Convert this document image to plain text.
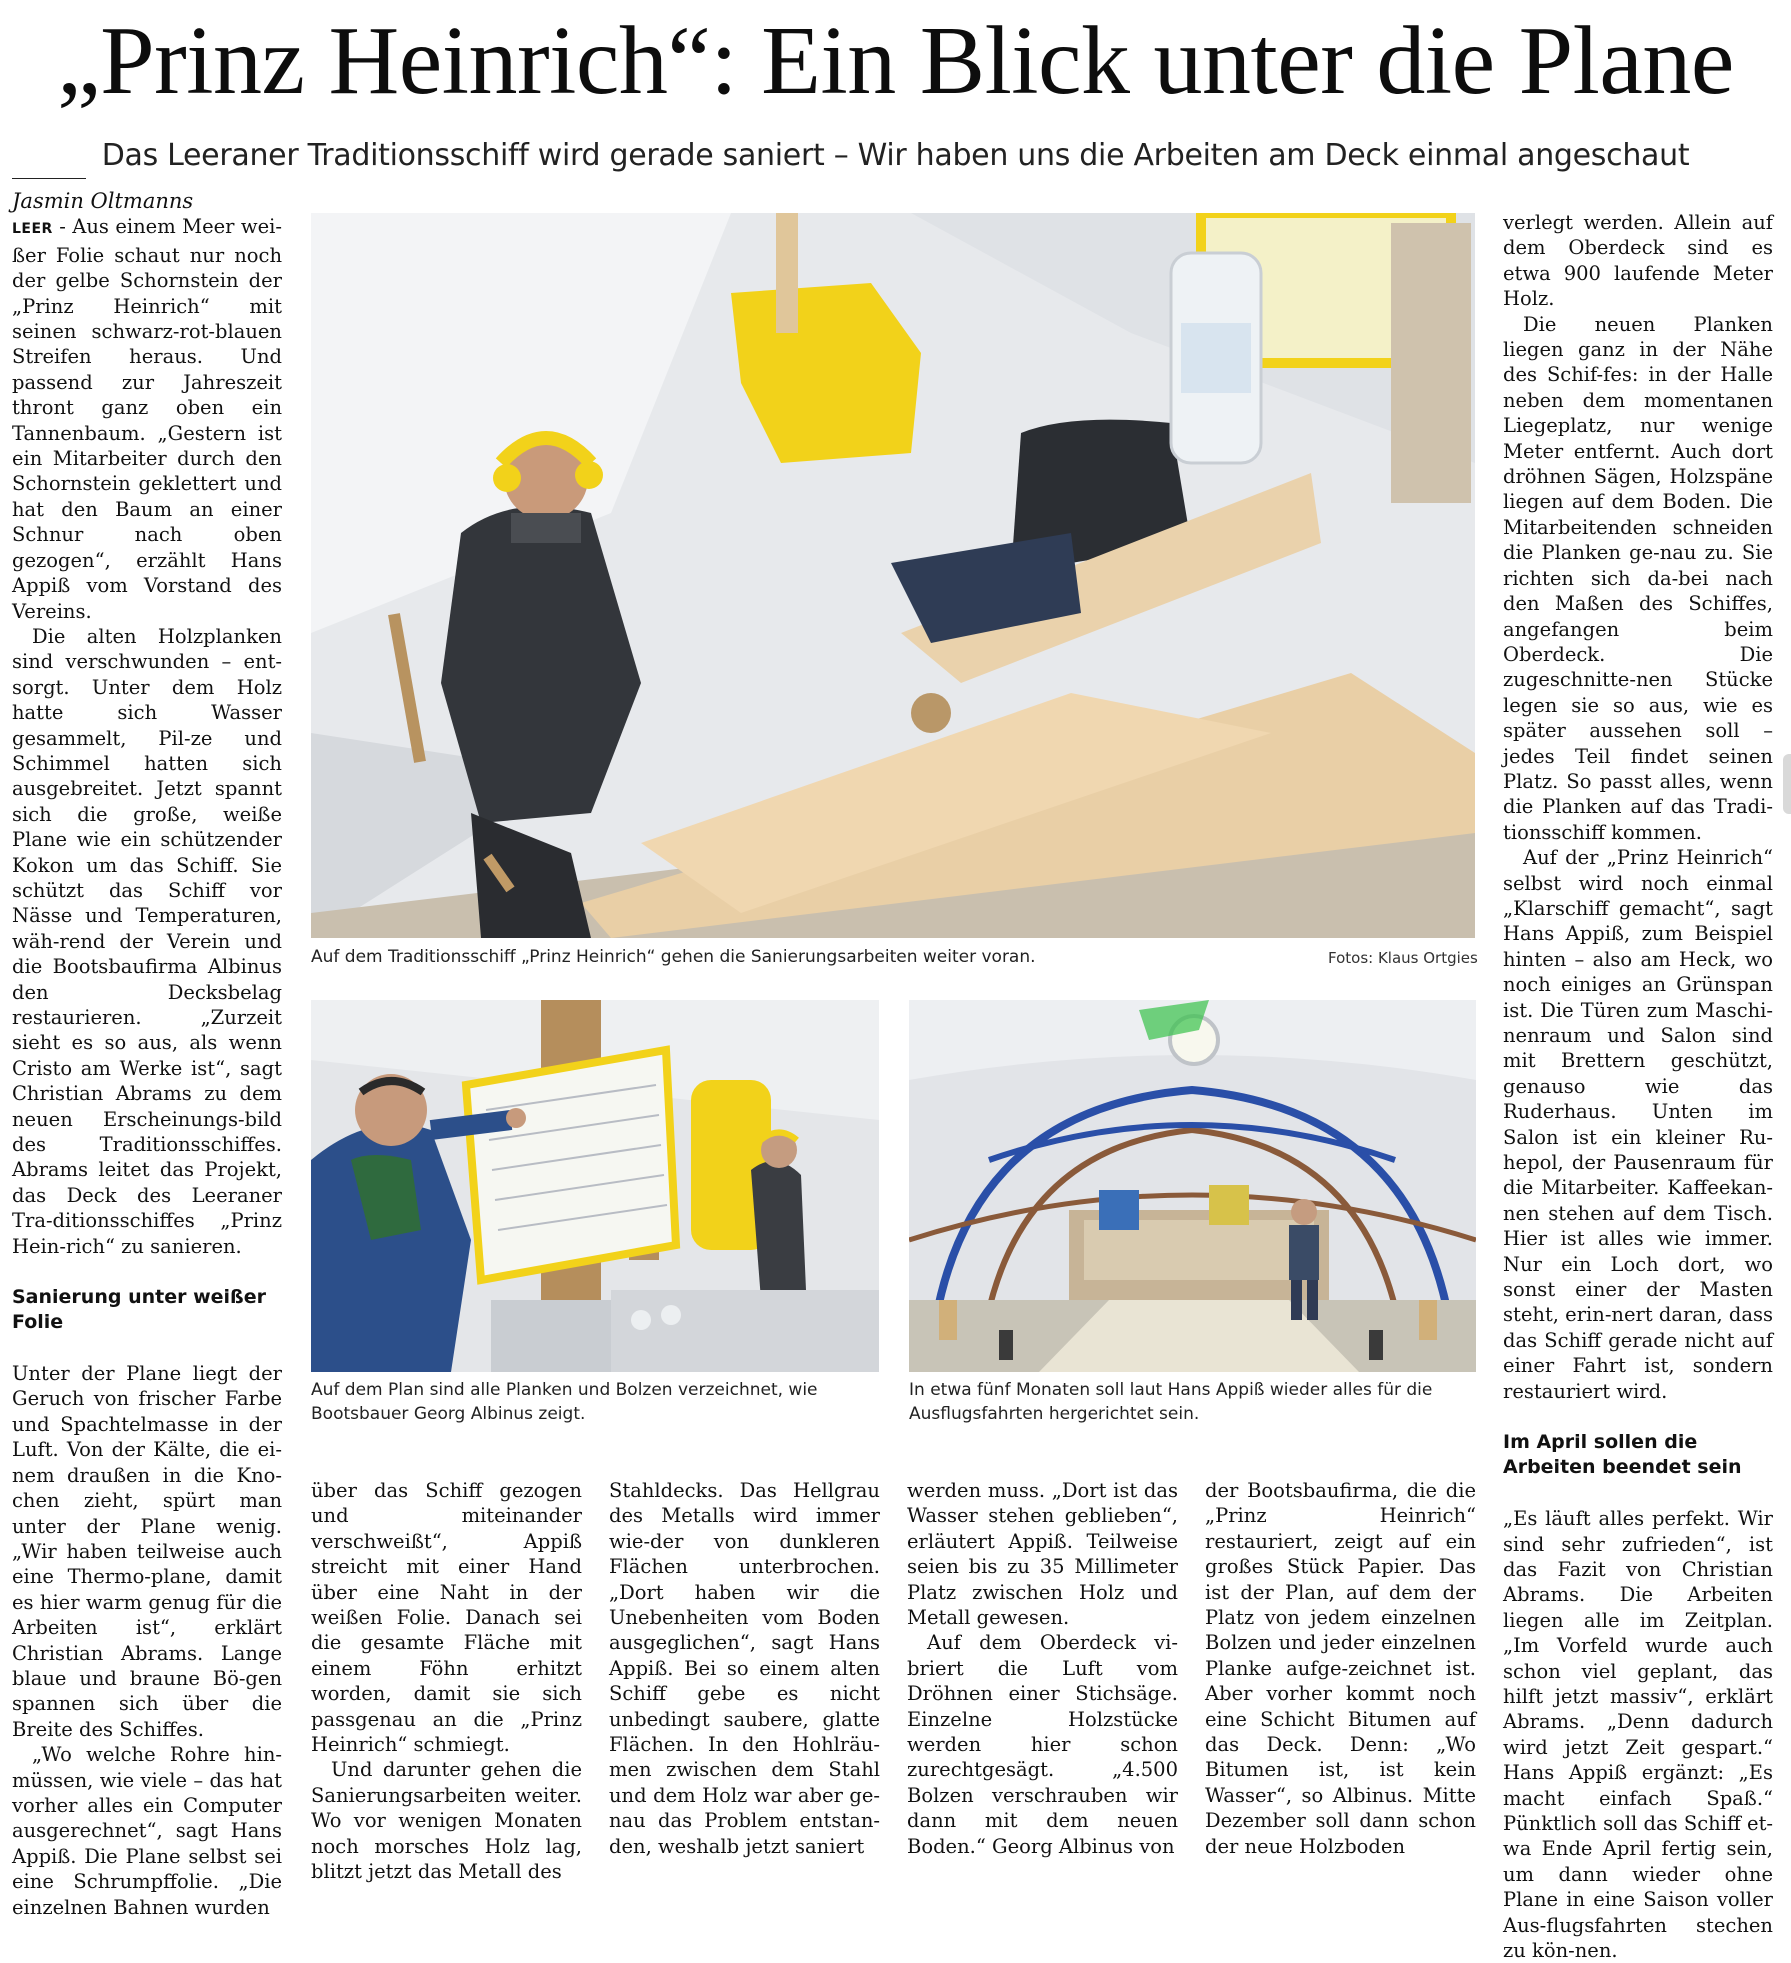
„Prinz Heinrich“: Ein Blick unter die Plane

Das Leeraner Traditionsschiff wird gerade saniert – Wir haben uns die Arbeiten am Deck einmal angeschaut

Jasmin Oltmanns

LEER - Aus einem Meer wei-ßer Folie schaut nur noch der gelbe Schornstein der „Prinz Heinrich“ mit seinen schwarz-rot-blauen Streifen heraus. Und passend zur Jahreszeit thront ganz oben ein Tannenbaum. „Gestern ist ein Mitarbeiter durch den Schornstein geklettert und hat den Baum an einer Schnur nach oben gezogen“, erzählt Hans Appiß vom Vorstand des Vereins.

Die alten Holzplanken sind verschwunden – ent-sorgt. Unter dem Holz hatte sich Wasser gesammelt, Pil-ze und Schimmel hatten sich ausgebreitet. Jetzt spannt sich die große, weiße Plane wie ein schützender Kokon um das Schiff. Sie schützt das Schiff vor Nässe und Temperaturen, wäh-rend der Verein und die Bootsbaufirma Albinus den Decksbelag restaurieren. „Zurzeit sieht es so aus, als wenn Cristo am Werke ist“, sagt Christian Abrams zu dem neuen Erscheinungs-bild des Traditionsschiffes. Abrams leitet das Projekt, das Deck des Leeraner Tra-ditionsschiffes „Prinz Hein-rich“ zu sanieren.

Sanierung unter weißer Folie

Unter der Plane liegt der Geruch von frischer Farbe und Spachtelmasse in der Luft. Von der Kälte, die ei-nem draußen in die Kno-chen zieht, spürt man unter der Plane wenig. „Wir haben teilweise auch eine Thermo-plane, damit es hier warm genug für die Arbeiten ist“, erklärt Christian Abrams. Lange blaue und braune Bö-gen spannen sich über die Breite des Schiffes.

„Wo welche Rohre hin-müssen, wie viele – das hat vorher alles ein Computer ausgerechnet“, sagt Hans Appiß. Die Plane selbst sei eine Schrumpffolie. „Die einzelnen Bahnen wurden

Auf dem Traditionsschiff „Prinz Heinrich“ gehen die Sanierungsarbeiten weiter voran.	Fotos: Klaus Ortgies
Auf dem Plan sind alle Planken und Bolzen verzeichnet, wie Bootsbauer Georg Albinus zeigt.
In etwa fünf Monaten soll laut Hans Appiß wieder alles für die Ausflugsfahrten hergerichtet sein.

über das Schiff gezogen und miteinander verschweißt“, Appiß streicht mit einer Hand über eine Naht in der weißen Folie. Danach sei die gesamte Fläche mit einem Föhn erhitzt worden, damit sie sich passgenau an die „Prinz Heinrich“ schmiegt.

Und darunter gehen die Sanierungsarbeiten weiter. Wo vor wenigen Monaten noch morsches Holz lag, blitzt jetzt das Metall des

Stahldecks. Das Hellgrau des Metalls wird immer wie-der von dunkleren Flächen unterbrochen. „Dort haben wir die Unebenheiten vom Boden ausgeglichen“, sagt Hans Appiß. Bei so einem alten Schiff gebe es nicht unbedingt saubere, glatte Flächen. In den Hohlräu-men zwischen dem Stahl und dem Holz war aber ge-nau das Problem entstan-den, weshalb jetzt saniert

werden muss. „Dort ist das Wasser stehen geblieben“, erläutert Appiß. Teilweise seien bis zu 35 Millimeter Platz zwischen Holz und Metall gewesen.

Auf dem Oberdeck vi-briert die Luft vom Dröhnen einer Stichsäge. Einzelne Holzstücke werden hier schon zurechtgesägt. „4.500 Bolzen verschrauben wir dann mit dem neuen Boden.“ Georg Albinus von

der Bootsbaufirma, die die „Prinz Heinrich“ restauriert, zeigt auf ein großes Stück Papier. Das ist der Plan, auf dem der Platz von jedem einzelnen Bolzen und jeder einzelnen Planke aufge-zeichnet ist. Aber vorher kommt noch eine Schicht Bitumen auf das Deck. Denn: „Wo Bitumen ist, ist kein Wasser“, so Albinus. Mitte Dezember soll dann schon der neue Holzboden

verlegt werden. Allein auf dem Oberdeck sind es etwa 900 laufende Meter Holz.

Die neuen Planken liegen ganz in der Nähe des Schif-fes: in der Halle neben dem momentanen Liegeplatz, nur wenige Meter entfernt. Auch dort dröhnen Sägen, Holzspäne liegen auf dem Boden. Die Mitarbeitenden schneiden die Planken ge-nau zu. Sie richten sich da-bei nach den Maßen des Schiffes, angefangen beim Oberdeck. Die zugeschnitte-nen Stücke legen sie so aus, wie es später aussehen soll – jedes Teil findet seinen Platz. So passt alles, wenn die Planken auf das Tradi-tionsschiff kommen.

Auf der „Prinz Heinrich“ selbst wird noch einmal „Klarschiff gemacht“, sagt Hans Appiß, zum Beispiel hinten – also am Heck, wo noch einiges an Grünspan ist. Die Türen zum Maschi-nenraum und Salon sind mit Brettern geschützt, genauso wie das Ruderhaus. Unten im Salon ist ein kleiner Ru-hepol, der Pausenraum für die Mitarbeiter. Kaffeekan-nen stehen auf dem Tisch. Hier ist alles wie immer. Nur ein Loch dort, wo sonst einer der Masten steht, erin-nert daran, dass das Schiff gerade nicht auf einer Fahrt ist, sondern restauriert wird.

Im April sollen die Arbeiten beendet sein

„Es läuft alles perfekt. Wir sind sehr zufrieden“, ist das Fazit von Christian Abrams. Die Arbeiten liegen alle im Zeitplan. „Im Vorfeld wurde auch schon viel geplant, das hilft jetzt massiv“, erklärt Abrams. „Denn dadurch wird jetzt Zeit gespart.“ Hans Appiß ergänzt: „Es macht einfach Spaß.“ Pünktlich soll das Schiff et-wa Ende April fertig sein, um dann wieder ohne Plane in eine Saison voller Aus-flugsfahrten stechen zu kön-nen.
